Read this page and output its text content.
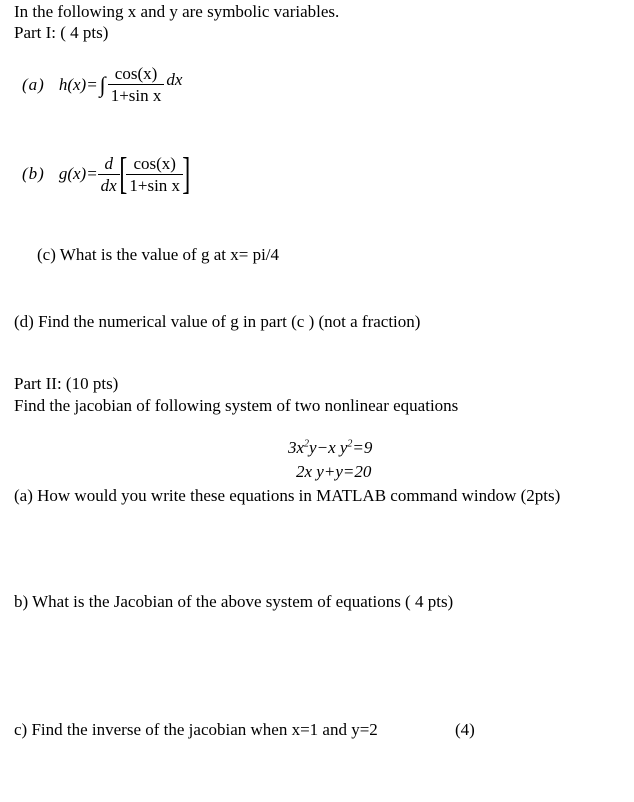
In the following x and y are symbolic variables.
Part I: ( 4 pts)
(a) h(x)= ∫ $\frac{\cos(x)}{\text{1+sin x}}$ dx
(b) $g(x)= \frac{d}{dx}$ [ $\frac{\cos(x)}{\text{1+sin x}}$ ]
(c) What is the value of g at x= pi/4
(d) Find the numerical value of g in part (c ) (not a fraction)
Part II: (10 pts)
Find the jacobian of following system of two nonlinear equations
$3x^2y-x$ $y^2=9$
2x y+y=20
(a) How would you write these equations in MATLAB command window (2pts)
b) What is the Jacobian of the above system of equations ( 4 pts)
c) Find the inverse of the jacobian when x=1 and y=2	(4)
